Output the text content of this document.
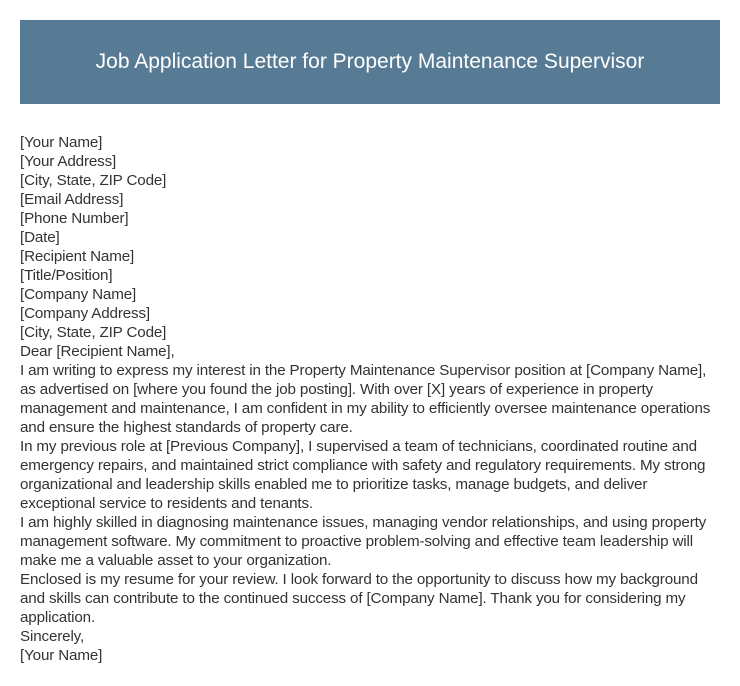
Job Application Letter for Property Maintenance Supervisor

[Your Name]

[Your Address]

[City, State, ZIP Code]

[Email Address]

[Phone Number]

[Date]

[Recipient Name]

[Title/Position]

[Company Name]

[Company Address]

[City, State, ZIP Code]

Dear [Recipient Name],

I am writing to express my interest in the Property Maintenance Supervisor position at [Company Name], as advertised on [where you found the job posting]. With over [X] years of experience in property management and maintenance, I am confident in my ability to efficiently oversee maintenance operations and ensure the highest standards of property care.

In my previous role at [Previous Company], I supervised a team of technicians, coordinated routine and emergency repairs, and maintained strict compliance with safety and regulatory requirements. My strong organizational and leadership skills enabled me to prioritize tasks, manage budgets, and deliver exceptional service to residents and tenants.

I am highly skilled in diagnosing maintenance issues, managing vendor relationships, and using property management software. My commitment to proactive problem-solving and effective team leadership will make me a valuable asset to your organization.

Enclosed is my resume for your review. I look forward to the opportunity to discuss how my background and skills can contribute to the continued success of [Company Name]. Thank you for considering my application.

Sincerely,

[Your Name]
